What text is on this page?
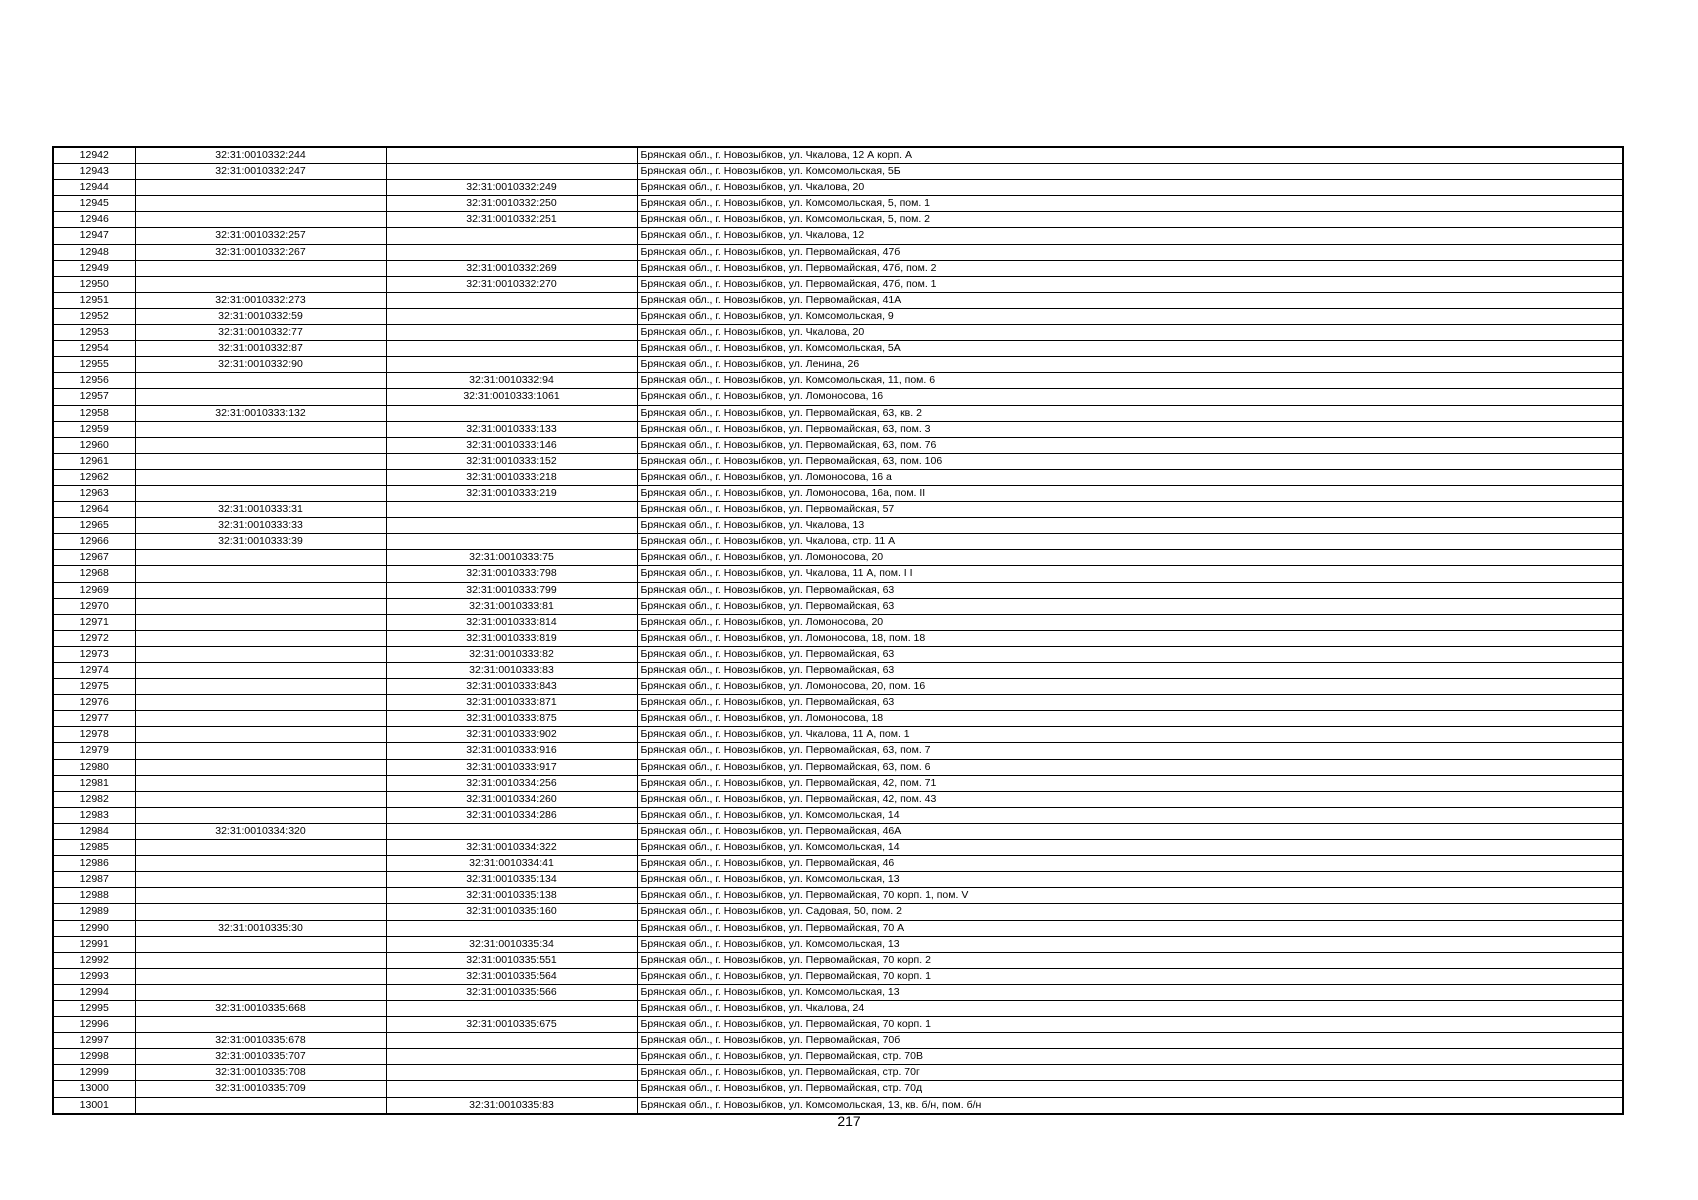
12942	32:31:0010332:244		Брянская обл., г. Новозыбков, ул. Чкалова, 12 А корп. А
12943	32:31:0010332:247		Брянская обл., г. Новозыбков, ул. Комсомольская, 5Б
12944		32:31:0010332:249	Брянская обл., г. Новозыбков, ул. Чкалова, 20
12945		32:31:0010332:250	Брянская обл., г. Новозыбков, ул. Комсомольская, 5, пом. 1
12946		32:31:0010332:251	Брянская обл., г. Новозыбков, ул. Комсомольская, 5, пом. 2
12947	32:31:0010332:257		Брянская обл., г. Новозыбков, ул. Чкалова, 12
12948	32:31:0010332:267		Брянская обл., г. Новозыбков, ул. Первомайская, 47б
12949		32:31:0010332:269	Брянская обл., г. Новозыбков, ул. Первомайская, 47б, пом. 2
12950		32:31:0010332:270	Брянская обл., г. Новозыбков, ул. Первомайская, 47б, пом. 1
12951	32:31:0010332:273		Брянская обл., г. Новозыбков, ул. Первомайская, 41А
12952	32:31:0010332:59		Брянская обл., г. Новозыбков, ул. Комсомольская, 9
12953	32:31:0010332:77		Брянская обл., г. Новозыбков, ул. Чкалова, 20
12954	32:31:0010332:87		Брянская обл., г. Новозыбков, ул. Комсомольская, 5А
12955	32:31:0010332:90		Брянская обл., г. Новозыбков, ул. Ленина, 26
12956		32:31:0010332:94	Брянская обл., г. Новозыбков, ул. Комсомольская, 11, пом. 6
12957		32:31:0010333:1061	Брянская обл., г. Новозыбков, ул. Ломоносова, 16
12958	32:31:0010333:132		Брянская обл., г. Новозыбков, ул. Первомайская, 63, кв. 2
12959		32:31:0010333:133	Брянская обл., г. Новозыбков, ул. Первомайская, 63, пом. 3
12960		32:31:0010333:146	Брянская обл., г. Новозыбков, ул. Первомайская, 63, пом. 76
12961		32:31:0010333:152	Брянская обл., г. Новозыбков, ул. Первомайская, 63, пом. 106
12962		32:31:0010333:218	Брянская обл., г. Новозыбков, ул. Ломоносова, 16 а
12963		32:31:0010333:219	Брянская обл., г. Новозыбков, ул. Ломоносова, 16а, пом. II
12964	32:31:0010333:31		Брянская обл., г. Новозыбков, ул. Первомайская, 57
12965	32:31:0010333:33		Брянская обл., г. Новозыбков, ул. Чкалова, 13
12966	32:31:0010333:39		Брянская обл., г. Новозыбков, ул. Чкалова, стр. 11 А
12967		32:31:0010333:75	Брянская обл., г. Новозыбков, ул. Ломоносова, 20
12968		32:31:0010333:798	Брянская обл., г. Новозыбков, ул. Чкалова, 11 А, пом. I I
12969		32:31:0010333:799	Брянская обл., г. Новозыбков, ул. Первомайская, 63
12970		32:31:0010333:81	Брянская обл., г. Новозыбков, ул. Первомайская, 63
12971		32:31:0010333:814	Брянская обл., г. Новозыбков, ул. Ломоносова, 20
12972		32:31:0010333:819	Брянская обл., г. Новозыбков, ул. Ломоносова, 18, пом. 18
12973		32:31:0010333:82	Брянская обл., г. Новозыбков, ул. Первомайская, 63
12974		32:31:0010333:83	Брянская обл., г. Новозыбков, ул. Первомайская, 63
12975		32:31:0010333:843	Брянская обл., г. Новозыбков, ул. Ломоносова, 20, пом. 16
12976		32:31:0010333:871	Брянская обл., г. Новозыбков, ул. Первомайская, 63
12977		32:31:0010333:875	Брянская обл., г. Новозыбков, ул. Ломоносова, 18
12978		32:31:0010333:902	Брянская обл., г. Новозыбков, ул. Чкалова, 11 А, пом. 1
12979		32:31:0010333:916	Брянская обл., г. Новозыбков, ул. Первомайская, 63, пом. 7
12980		32:31:0010333:917	Брянская обл., г. Новозыбков, ул. Первомайская, 63, пом. 6
12981		32:31:0010334:256	Брянская обл., г. Новозыбков, ул. Первомайская, 42, пом. 71
12982		32:31:0010334:260	Брянская обл., г. Новозыбков, ул. Первомайская, 42, пом. 43
12983		32:31:0010334:286	Брянская обл., г. Новозыбков, ул. Комсомольская, 14
12984	32:31:0010334:320		Брянская обл., г. Новозыбков, ул. Первомайская, 46А
12985		32:31:0010334:322	Брянская обл., г. Новозыбков, ул. Комсомольская, 14
12986		32:31:0010334:41	Брянская обл., г. Новозыбков, ул. Первомайская, 46
12987		32:31:0010335:134	Брянская обл., г. Новозыбков, ул. Комсомольская, 13
12988		32:31:0010335:138	Брянская обл., г. Новозыбков, ул. Первомайская, 70 корп. 1, пом. V
12989		32:31:0010335:160	Брянская обл., г. Новозыбков, ул. Садовая, 50, пом. 2
12990	32:31:0010335:30		Брянская обл., г. Новозыбков, ул. Первомайская, 70 А
12991		32:31:0010335:34	Брянская обл., г. Новозыбков, ул. Комсомольская, 13
12992		32:31:0010335:551	Брянская обл., г. Новозыбков, ул. Первомайская, 70 корп. 2
12993		32:31:0010335:564	Брянская обл., г. Новозыбков, ул. Первомайская, 70 корп. 1
12994		32:31:0010335:566	Брянская обл., г. Новозыбков, ул. Комсомольская, 13
12995	32:31:0010335:668		Брянская обл., г. Новозыбков, ул. Чкалова, 24
12996		32:31:0010335:675	Брянская обл., г. Новозыбков, ул. Первомайская, 70 корп. 1
12997	32:31:0010335:678		Брянская обл., г. Новозыбков, ул. Первомайская, 70б
12998	32:31:0010335:707		Брянская обл., г. Новозыбков, ул. Первомайская, стр. 70В
12999	32:31:0010335:708		Брянская обл., г. Новозыбков, ул. Первомайская, стр. 70г
13000	32:31:0010335:709		Брянская обл., г. Новозыбков, ул. Первомайская, стр. 70д
13001		32:31:0010335:83	Брянская обл., г. Новозыбков, ул. Комсомольская, 13, кв. б/н, пом. б/н
217
